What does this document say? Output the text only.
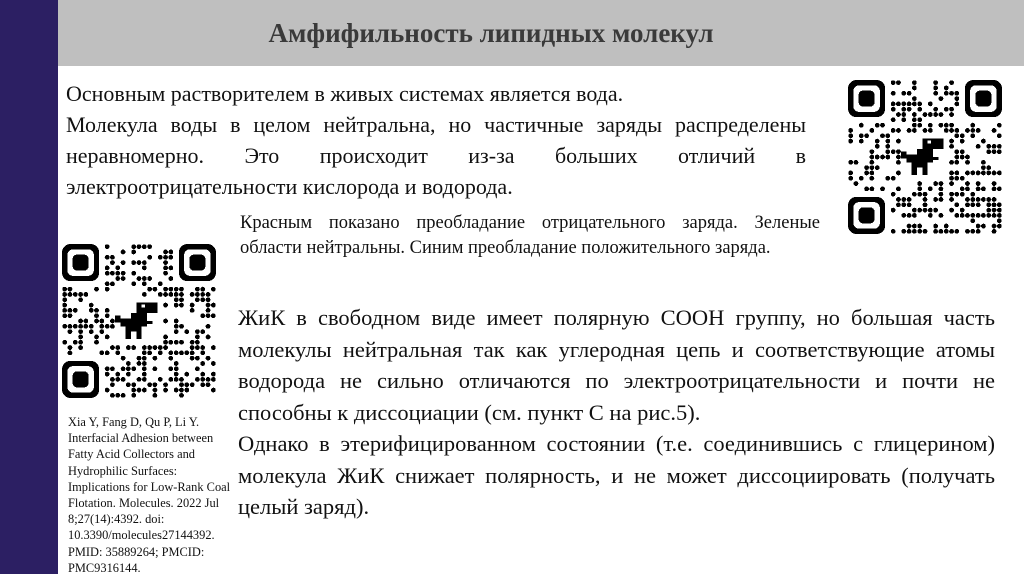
Амфифильность липидных молекул
Основным растворителем в живых системах является вода.
Молекула воды в целом нейтральна, но частичные заряды распределены неравномерно. Это происходит из-за больших отличий в электроотрицательности кислорода и водорода.

Красным показано преобладание отрицательного заряда. Зеленые области нейтральны. Синим преобладание положительного заряда.

Xia Y, Fang D, Qu P, Li Y. Interfacial Adhesion between Fatty Acid Collectors and Hydrophilic Surfaces: Implications for Low-Rank Coal Flotation. Molecules. 2022 Jul 8;27(14):4392. doi: 10.3390/molecules27144392. PMID: 35889264; PMCID: PMC9316144.

ЖиК в свободном виде имеет полярную COOH группу, но большая часть молекулы нейтральная так как углеродная цепь и соответствующие атомы водорода не сильно отличаются по электроотрицательности и почти не способны к диссоциации (см. пункт С на рис.5).
Однако в этерифицированном состоянии (т.е. соединившись с глицерином) молекула ЖиК снижает полярность, и не может диссоциировать (получать целый заряд).
